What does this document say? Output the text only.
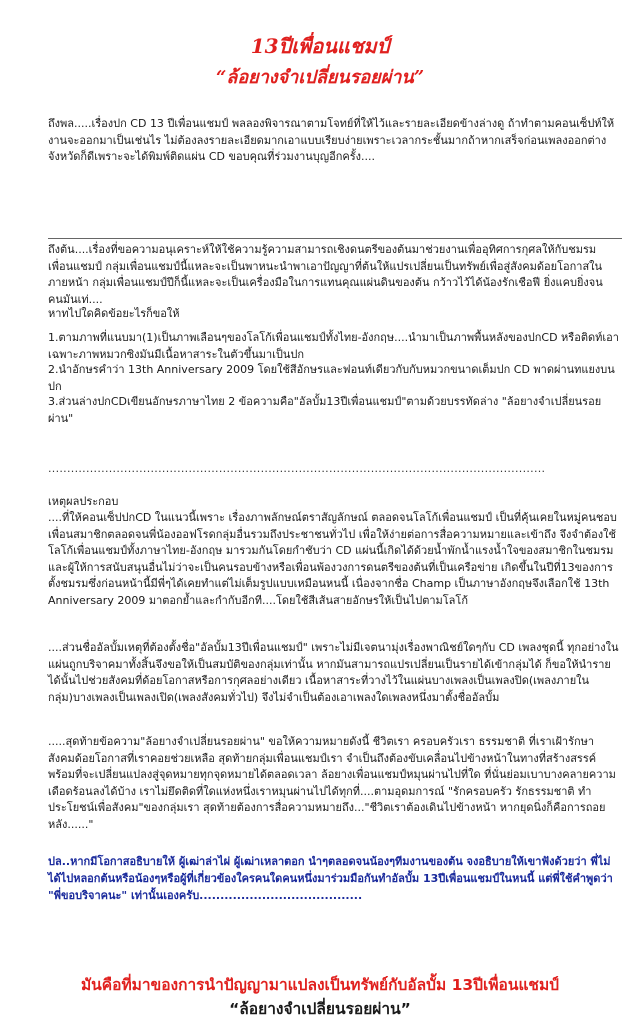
13ปีเพื่อนแชมป์
“ล้อยางจำเปลี่ยนรอยผ่าน”

ถึงพล.....เรื่องปก CD 13 ปีเพื่อนแชมป์ พลลองพิจารณาตามโจทย์ที่ให้ไว้และรายละเอียดข้างล่างดู ถ้าทำตามคอนเซ็ปท์ให้งานจะออกมาเป็นเช่นไร ไม่ต้องลงรายละเอียดมากเอาแบบเรียบง่ายเพราะเวลากระชั้นมากถ้าหากเสร็จก่อนเพลงออกต่างจังหวัดก็ดีเพราะจะได้พิมพ์ติดแผ่น CD ขอบคุณที่ร่วมงานบุญอีกครั้ง....

ถึงต้น....เรื่องที่ขอความอนุเคราะห์ให้ใช้ความรู้ความสามารถเชิงดนตรีของต้นมาช่วยงานเพื่ออุทิศการกุศลให้กับชมรมเพื่อนแชมป์ กลุ่มเพื่อนแชมป์นี้แหละจะเป็นพาหนะนำพาเอาปัญญาที่ต้นให้แปรเปลี่ยนเป็นทรัพย์เพื่อสู่สังคมด้อยโอกาสในภายหน้า กลุ่มเพื่อนแชมป์ปีก็นี้แหละจะเป็นเครื่องมือในการแทนคุณแผ่นดินของต้น กว้าวไว้ได้น้องรักเชือฟี ยิ่งแคบยิ่งจน คนมันเท่....

หาทไปใดคิดข้อยะไรก็ขอให้

1.ตามภาพที่แนบมา(1)เป็นภาพเลือนๆของโลโก้เพื่อนแชมป์ทั้งไทย-อังกฤษ....นำมาเป็นภาพพื้นหลังของปกCD หรือติดท์เอาเฉพาะภาพหมวกซิงมันมีเนื้อหาสาระในตัวขึ้นมาเป็นปก

2.นำอักษรคำว่า 13th Anniversary 2009 โดยใช้สีอักษรและฟอนท์เดียวกับกับหมวกขนาดเต็มปก CD พาดผ่านทแยงบนปก

3.ส่วนล่างปกCDเขียนอักษรภาษาไทย 2 ข้อความคือ"อัลบั้ม13ปีเพื่อนแชมป์"ตามด้วยบรรทัดล่าง "ล้อยางจำเปลี่ยนรอยผ่าน"

...................................................................................................................................

เหตุผลประกอบ

....ที่ให้คอนเซ็ปปกCD ในแนวนี้เพราะ เรื่องภาพลักษณ์ตราสัญลักษณ์ ตลอดจนโลโก้เพื่อนแชมป์ เป็นที่คุ้นเคยในหมู่คนชอบเพื่อนสมาชิกตลอดจนพี่น้องออฟโรดกลุ่มอื่นรวมถึงประชาชนทั่วไป เพื่อให้ง่ายต่อการสื่อความหมายและเข้าถึง จึงจำต้องใช้โลโก้เพื่อนแชมป์ทั้งภาษาไทย-อังกฤษ มารวมกันโดยกำชับว่า CD แผ่นนี้เกิดได้ด้วยน้ำพักน้ำแรงน้ำใจของสมาชิกในชมรมและผู้ให้การสนับสนุนอื่นไม่ว่าจะเป็นคนรอบข้างหรือเพื่อนพ้องวงการดนตรีของต้นที่เป็นเครือข่าย เกิดขึ้นในปีที่13ของการตั้งชมรมซึ่งก่อนหน้านี้มีพี่ๆได้เคยทำแต่ไม่เต็มรูปแบบเหมือนหนนี้ เนื่องจากชื่อ Champ เป็นภาษาอังกฤษจึงเลือกใช้ 13th Anniversary 2009 มาตอกย้ำและกำกับอีกที....โดยใช้สีเส้นสายอักษรให้เป็นไปตามโลโก้

....ส่วนชื่ออัลบั้มเหตุที่ต้องตั้งชื่อ"อัลบั้ม13ปีเพื่อนแชมป์" เพราะไม่มีเจตนามุ่งเรื่องพาณิชย์ใดๆกับ CD เพลงชุดนี้ ทุกอย่างในแผ่นถูกบริจาคมาทั้งสิ้นจึงขอให้เป็นสมบัติของกลุ่มเท่านั้น หากมันสามารถแปรเปลี่ยนเป็นรายได้เข้ากลุ่มได้ ก็ขอให้นำรายได้นั้นไปช่วยสังคมที่ด้อยโอกาสหรือการกุศลอย่างเดียว เนื้อหาสาระที่วางไว้ในแผ่นบางเพลงเป็นเพลงปิด(เพลงภายในกลุ่ม)บางเพลงเป็นเพลงเปิด(เพลงสังคมทั่วไป) จึงไม่จำเป็นต้องเอาเพลงใดเพลงหนึ่งมาตั้งชื่ออัลบั้ม

.....สุดท้ายข้อความ"ล้อยางจำเปลี่ยนรอยผ่าน" ขอให้ความหมายดังนี้ ชีวิตเรา ครอบครัวเรา ธรรมชาติ ที่เราเฝ้ารักษา สังคมด้อยโอกาสที่เราคอยช่วยเหลือ สุดท้ายกลุ่มเพื่อนแชมป์เรา จำเป็นถึงต้องขับเคลื่อนไปข้างหน้าในทางที่สร้างสรรค์ พร้อมที่จะเปลี่ยนแปลงสู่จุดหมายทุกจุดหมายได้ตลอดเวลา ล้อยางเพื่อนแชมป์หมุนผ่านไปที่ใด ที่นั่นย่อมเบาบางคลายความเดือดร้อนลงได้บ้าง เราไม่ยึดติดที่ใดแห่งหนึ่งเราหมุนผ่านไปได้ทุกที่....ตามอุดมการณ์ "รักครอบครัว รักธรรมชาติ ทำประโยชน์เพื่อสังคม"ของกลุ่มเรา สุดท้ายต้องการสื่อความหมายถึง..."ชีวิตเราต้องเดินไปข้างหน้า หากยุดนิ่งก็คือการถอยหลัง......"

ปล..หากมีโอกาสอธิบายให้ ผู้เฒ่าล่าไผ่ ผู้เฒ่าเหลาตอก นำๆตลอดจนน้องๆทีมงานของต้น จงอธิบายให้เขาฟังด้วยว่า พี่ไม่ได้ไปหลอกต้นหรือน้องๆหรือผู้ที่เกี่ยวข้องใครคนใดคนหนึ่งมาร่วมมือกันทำอัลบั้ม 13ปีเพื่อนแชมป์ในหนนี้ แต่พี่ใช้คำพูดว่า "พี่ขอบริจาคนะ" เท่านั้นเองครับ.......................................

มันคือที่มาของการนำปัญญามาแปลงเป็นทรัพย์กับอัลบั้ม 13ปีเพื่อนแชมป์
“ล้อยางจำเปลี่ยนรอยผ่าน”
